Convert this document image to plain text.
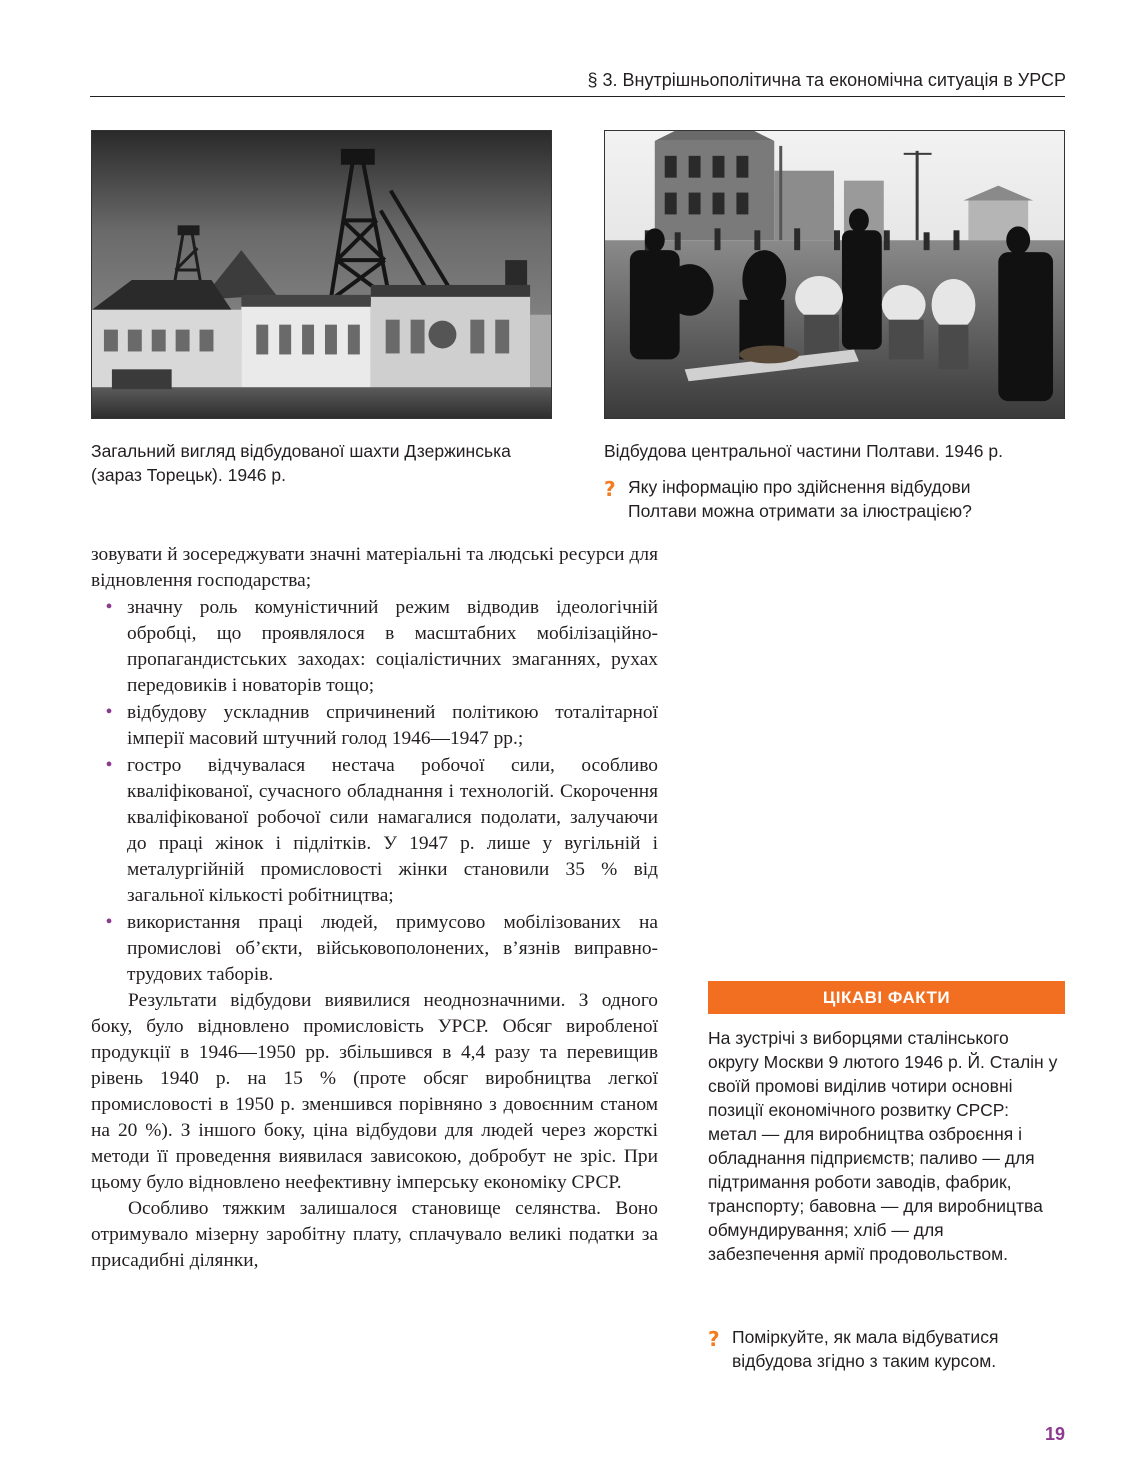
§ 3. Внутрішньополітична та економічна ситуація в УРСР
Загальний вигляд відбудованої шахти Дзержинська
(зараз Торецьк). 1946 р.
Відбудова центральної частини Полтави. 1946 р.
? Яку інформацію про здійснення відбудови
Полтави можна отримати за ілюстрацією?

зовувати й зосереджувати значні матеріальні та людські ресурси для відновлення господарства;

• значну роль комуністичний режим відводив ідеологічній обробці, що проявлялося в масштабних мобілізаційно-пропагандистських заходах: соціалістичних змаганнях, рухах передовиків і новаторів тощо;

• відбудову ускладнив спричинений політикою тоталітарної імперії масовий штучний голод 1946—1947 рр.;

• гостро відчувалася нестача робочої сили, особливо кваліфікованої, сучасного обладнання і технологій. Скорочення кваліфікованої робочої сили намагалися подолати, залучаючи до праці жінок і підлітків. У 1947 р. лише у вугільній і металургійній промисловості жінки становили 35 % від загальної кількості робітництва;

• використання праці людей, примусово мобілізованих на промислові об’єкти, військовополонених, в’язнів виправно-трудових таборів.

Результати відбудови виявилися неоднозначними. З одного боку, було відновлено промисловість УРСР. Обсяг виробленої продукції в 1946—1950 рр. збільшився в 4,4 разу та перевищив рівень 1940 р. на 15 % (проте обсяг виробництва легкої промисловості в 1950 р. зменшився порівняно з довоєнним станом на 20 %). З іншого боку, ціна відбудови для людей через жорсткі методи її проведення виявилася зависокою, добробут не зріс. При цьому було відновлено неефективну імперську економіку СРСР.

Особливо тяжким залишалося становище селянства. Воно отримувало мізерну заробітну плату, сплачувало великі податки за присадибні ділянки,

ЦІКАВІ ФАКТИ
На зустрічі з виборцями сталінського округу Москви 9 лютого 1946 р. Й. Сталін у своїй промові виділив чотири основні позиції економічного розвитку СРСР: метал — для виробництва озброєння і обладнання підприємств; паливо — для підтримання роботи заводів, фабрик, транспорту; бавовна — для виробництва обмундирування; хліб — для забезпечення армії продовольством.
? Поміркуйте, як мала відбуватися
відбудова згідно з таким курсом.
19
